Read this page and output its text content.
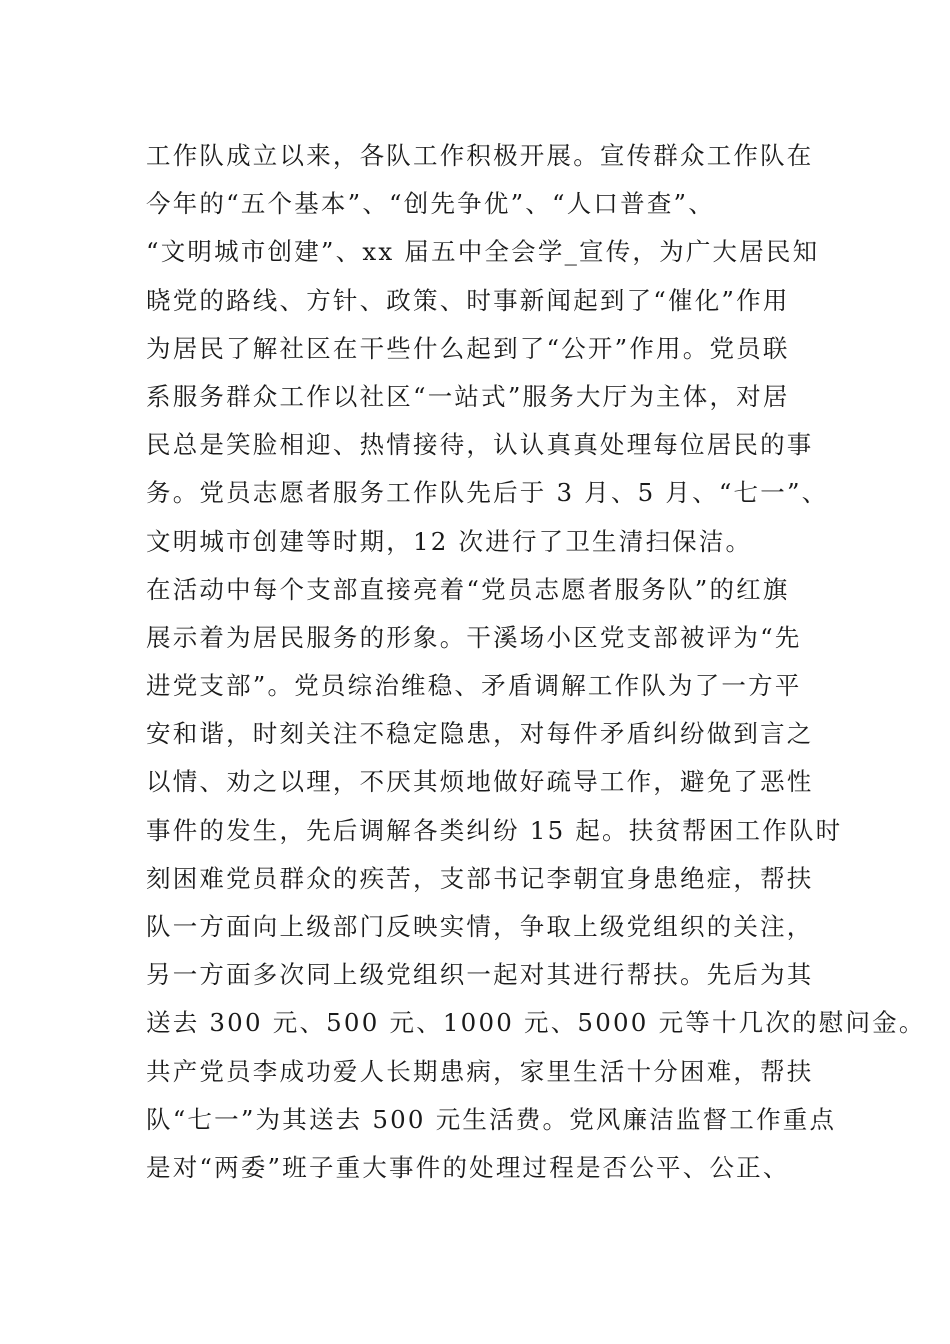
工作队成立以来，各队工作积极开展。宣传群众工作队在
今年的“五个基本”、“创先争优”、“人口普查”、
“文明城市创建”、xx 届五中全会学_宣传，为广大居民知
晓党的路线、方针、政策、时事新闻起到了“催化”作用
为居民了解社区在干些什么起到了“公开”作用。党员联
系服务群众工作以社区“一站式”服务大厅为主体，对居
民总是笑脸相迎、热情接待，认认真真处理每位居民的事
务。党员志愿者服务工作队先后于 3 月、5 月、“七一”、
文明城市创建等时期，12 次进行了卫生清扫保洁。
在活动中每个支部直接亮着“党员志愿者服务队”的红旗
展示着为居民服务的形象。干溪场小区党支部被评为“先
进党支部”。党员综治维稳、矛盾调解工作队为了一方平
安和谐，时刻关注不稳定隐患，对每件矛盾纠纷做到言之
以情、劝之以理，不厌其烦地做好疏导工作，避免了恶性
事件的发生，先后调解各类纠纷 15 起。扶贫帮困工作队时
刻困难党员群众的疾苦，支部书记李朝宜身患绝症，帮扶
队一方面向上级部门反映实情，争取上级党组织的关注，
另一方面多次同上级党组织一起对其进行帮扶。先后为其
送去 300 元、500 元、1000 元、5000 元等十几次的慰问金。
共产党员李成功爱人长期患病，家里生活十分困难，帮扶
队“七一”为其送去 500 元生活费。党风廉洁监督工作重点
是对“两委”班子重大事件的处理过程是否公平、公正、
